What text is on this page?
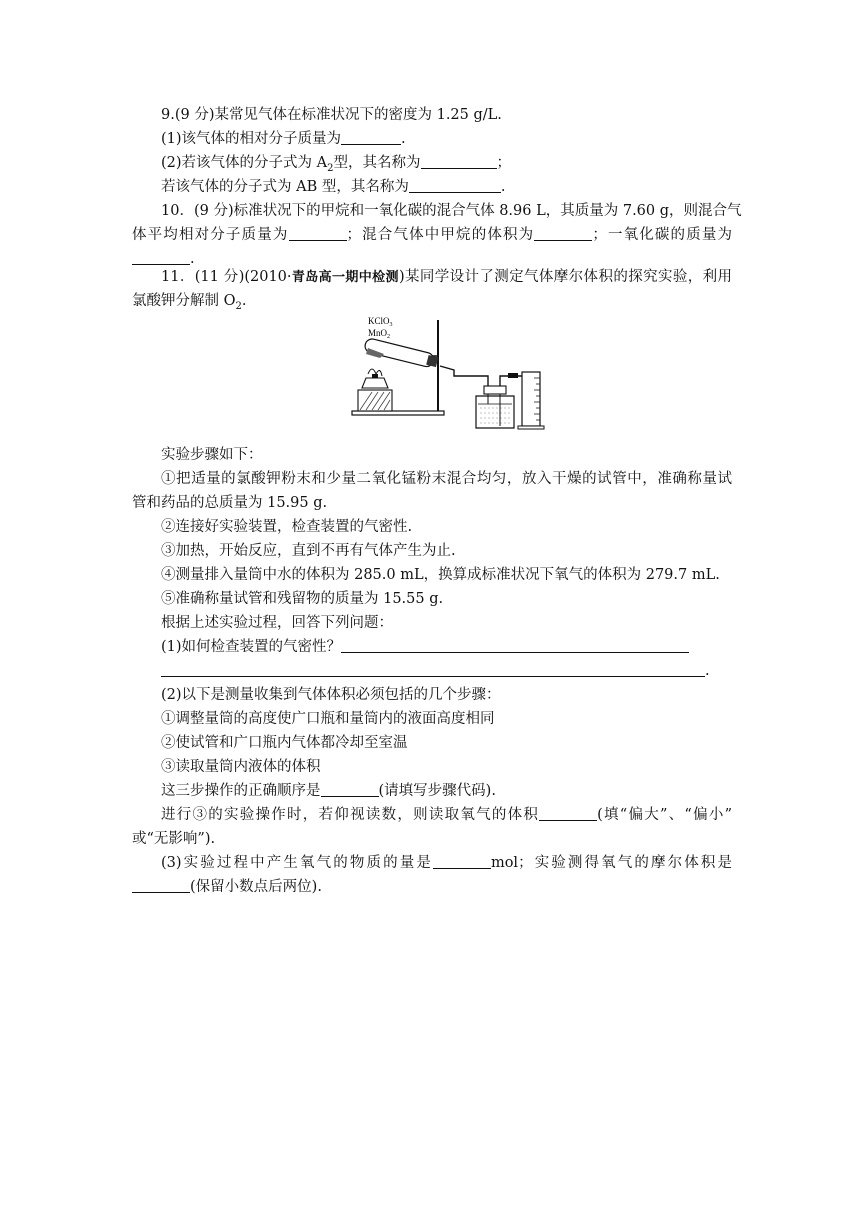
9.(9 分)某常见气体在标准状况下的密度为 1.25 g/L.
(1)该气体的相对分子质量为	.
(2)若该气体的分子式为 $A_2$型，其名称为	；
若该气体的分子式为 AB 型，其名称为	.
10．(9 分)标准状况下的甲烷和一氧化碳的混合气体 8.96 L，其质量为 7.60 g，则混合气
体平均相对分子质量为	；混合气体中甲烷的体积为	；一氧化碳的质量为
.
11．(11 分)(2010·青岛高一期中检测)某同学设计了测定气体摩尔体积的探究实验，利用
氯酸钾分解制 $O_2$.
KClO$_3$
MnO$_2$
实验步骤如下：
①把适量的氯酸钾粉末和少量二氧化锰粉末混合均匀，放入干燥的试管中，准确称量试
管和药品的总质量为 15.95 g.
②连接好实验装置，检查装置的气密性.
③加热，开始反应，直到不再有气体产生为止.
④测量排入量筒中水的体积为 285.0 mL，换算成标准状况下氧气的体积为 279.7 mL.
⑤准确称量试管和残留物的质量为 15.55 g.
根据上述实验过程，回答下列问题：
(1)如何检查装置的气密性？
.
(2)以下是测量收集到气体体积必须包括的几个步骤：
①调整量筒的高度使广口瓶和量筒内的液面高度相同
②使试管和广口瓶内气体都冷却至室温
③读取量筒内液体的体积
这三步操作的正确顺序是	(请填写步骤代码).
进行③的实验操作时，若仰视读数，则读取氧气的体积	(填“偏大”、“偏小”
或“无影响”).
(3)实验过程中产生氧气的物质的量是	mol；实验测得氧气的摩尔体积是
(保留小数点后两位).
